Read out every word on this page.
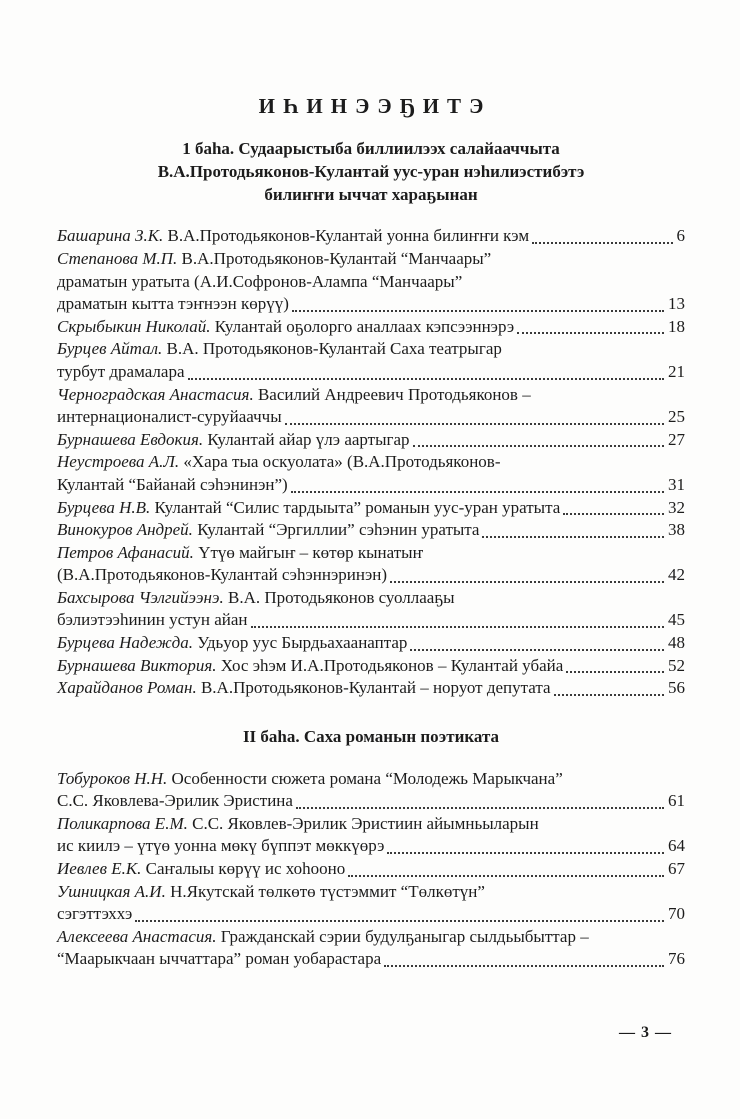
ИҺИНЭЭҔИТЭ
1 баһа. Судаарыстыба биллиилээх салайааччыта
В.А.Протодьяконов-Кулантай уус-уран нэһилиэстибэтэ
билиҥҥи ыччат хараҕынан
Башарина З.К. В.А.Протодьяконов-Кулантай уонна билиҥҥи кэм	6
Степанова М.П. В.А.Протодьяконов-Кулантай “Манчаары”
драматын уратыта (А.И.Софронов-Алампа “Манчаары”
драматын кытта тэҥнээн көрүү)	13
Скрыбыкин Николай. Кулантай оҕолорго аналлаах кэпсээннэрэ	18
Бурцев Айтал. В.А. Протодьяконов-Кулантай Саха театрыгар
турбут драмалара	21
Черноградская Анастасия. Василий Андреевич Протодьяконов –
интернационалист-суруйааччы	25
Бурнашева Евдокия. Кулантай айар үлэ аартыгар	27
Неустроева А.Л. «Хара тыа оскуолата» (В.А.Протодьяконов-
Кулантай “Байанай сэһэнинэн”)	31
Бурцева Н.В. Кулантай “Силис тардыыта” романын уус-уран уратыта	32
Винокуров Андрей. Кулантай “Эргиллии” сэһэнин уратыта	38
Петров Афанасий. Үтүө майгыҥ – көтөр кынатыҥ
(В.А.Протодьяконов-Кулантай сэһэннэринэн)	42
Бахсырова Чэлгийээнэ. В.А. Протодьяконов суоллааҕы
бэлиэтээһинин устун айан	45
Бурцева Надежда. Удьуор уус Бырдьахаанаптар	48
Бурнашева Виктория. Хос эһэм И.А.Протодьяконов – Кулантай убайа	52
Харайданов Роман. В.А.Протодьяконов-Кулантай – норуот депутата	56
II баһа. Саха романын поэтиката
Тобуроков Н.Н. Особенности сюжета романа “Молодежь Марыкчана”
С.С. Яковлева-Эрилик Эристина	61
Поликарпова Е.М. С.С. Яковлев-Эрилик Эристиин айымньыларын
ис киилэ – үтүө уонна мөкү бүппэт мөккүөрэ	64
Иевлев Е.К. Саҥалыы көрүү ис хоһооно	67
Ушницкая А.И. Н.Якутскай төлкөтө түстэммит “Төлкөтүн”
сэгэттэххэ	70
Алексеева Анастасия. Гражданскай сэрии будулҕаныгар сылдьыбыттар –
“Маарыкчаан ыччаттара” роман уобарастара	76
— 3 —
